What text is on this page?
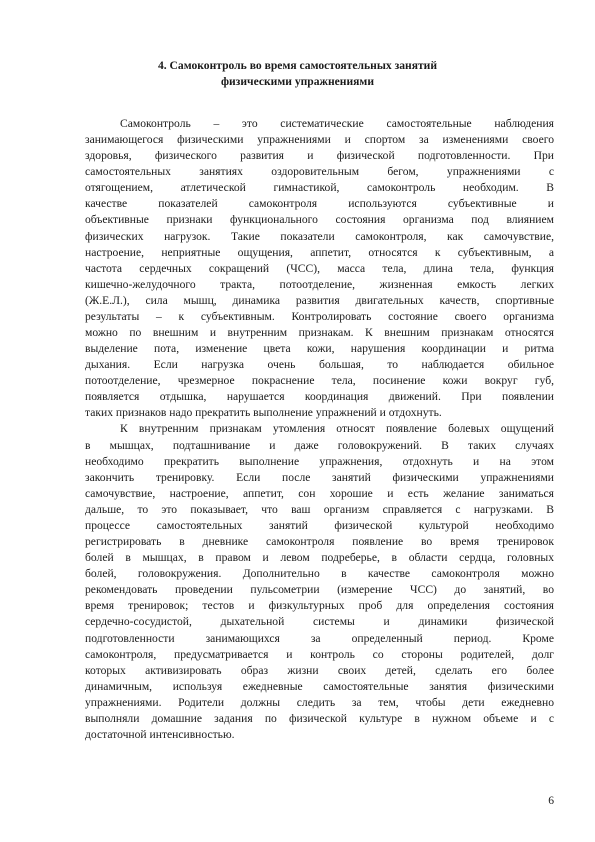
4. Самоконтроль во время самостоятельных занятий
физическими упражнениями
Самоконтроль – это систематические самостоятельные наблюдения
занимающегося физическими упражнениями и спортом за изменениями своего
здоровья, физического развития и физической подготовленности. При
самостоятельных занятиях оздоровительным бегом, упражнениями с
отягощением, атлетической гимнастикой, самоконтроль необходим. В
качестве показателей самоконтроля используются субъективные и
объективные признаки функционального состояния организма под влиянием
физических нагрузок. Такие показатели самоконтроля, как самочувствие,
настроение, неприятные ощущения, аппетит, относятся к субъективным, а
частота сердечных сокращений (ЧСС), масса тела, длина тела, функция
кишечно-желудочного тракта, потоотделение, жизненная емкость легких
(Ж.Е.Л.), сила мышц, динамика развития двигательных качеств, спортивные
результаты – к субъективным. Контролировать состояние своего организма
можно по внешним и внутренним признакам. К внешним признакам относятся
выделение пота, изменение цвета кожи, нарушения координации и ритма
дыхания. Если нагрузка очень большая, то наблюдается обильное
потоотделение, чрезмерное покраснение тела, посинение кожи вокруг губ,
появляется отдышка, нарушается координация движений. При появлении
таких признаков надо прекратить выполнение упражнений и отдохнуть.
К внутренним признакам утомления относят появление болевых ощущений
в мышцах, подташнивание и даже головокружений. В таких случаях
необходимо прекратить выполнение упражнения, отдохнуть и на этом
закончить тренировку. Если после занятий физическими упражнениями
самочувствие, настроение, аппетит, сон хорошие и есть желание заниматься
дальше, то это показывает, что ваш организм справляется с нагрузками. В
процессе самостоятельных занятий физической культурой необходимо
регистрировать в дневнике самоконтроля появление во время тренировок
болей в мышцах, в правом и левом подреберье, в области сердца, головных
болей, головокружения. Дополнительно в качестве самоконтроля можно
рекомендовать проведении пульсометрии (измерение ЧСС) до занятий, во
время тренировок; тестов и физкультурных проб для определения состояния
сердечно-сосудистой, дыхательной системы и динамики физической
подготовленности занимающихся за определенный период. Кроме
самоконтроля, предусматривается и контроль со стороны родителей, долг
которых активизировать образ жизни своих детей, сделать его более
динамичным, используя ежедневные самостоятельные занятия физическими
упражнениями. Родители должны следить за тем, чтобы дети ежедневно
выполняли домашние задания по физической культуре в нужном объеме и с
достаточной интенсивностью.
6
